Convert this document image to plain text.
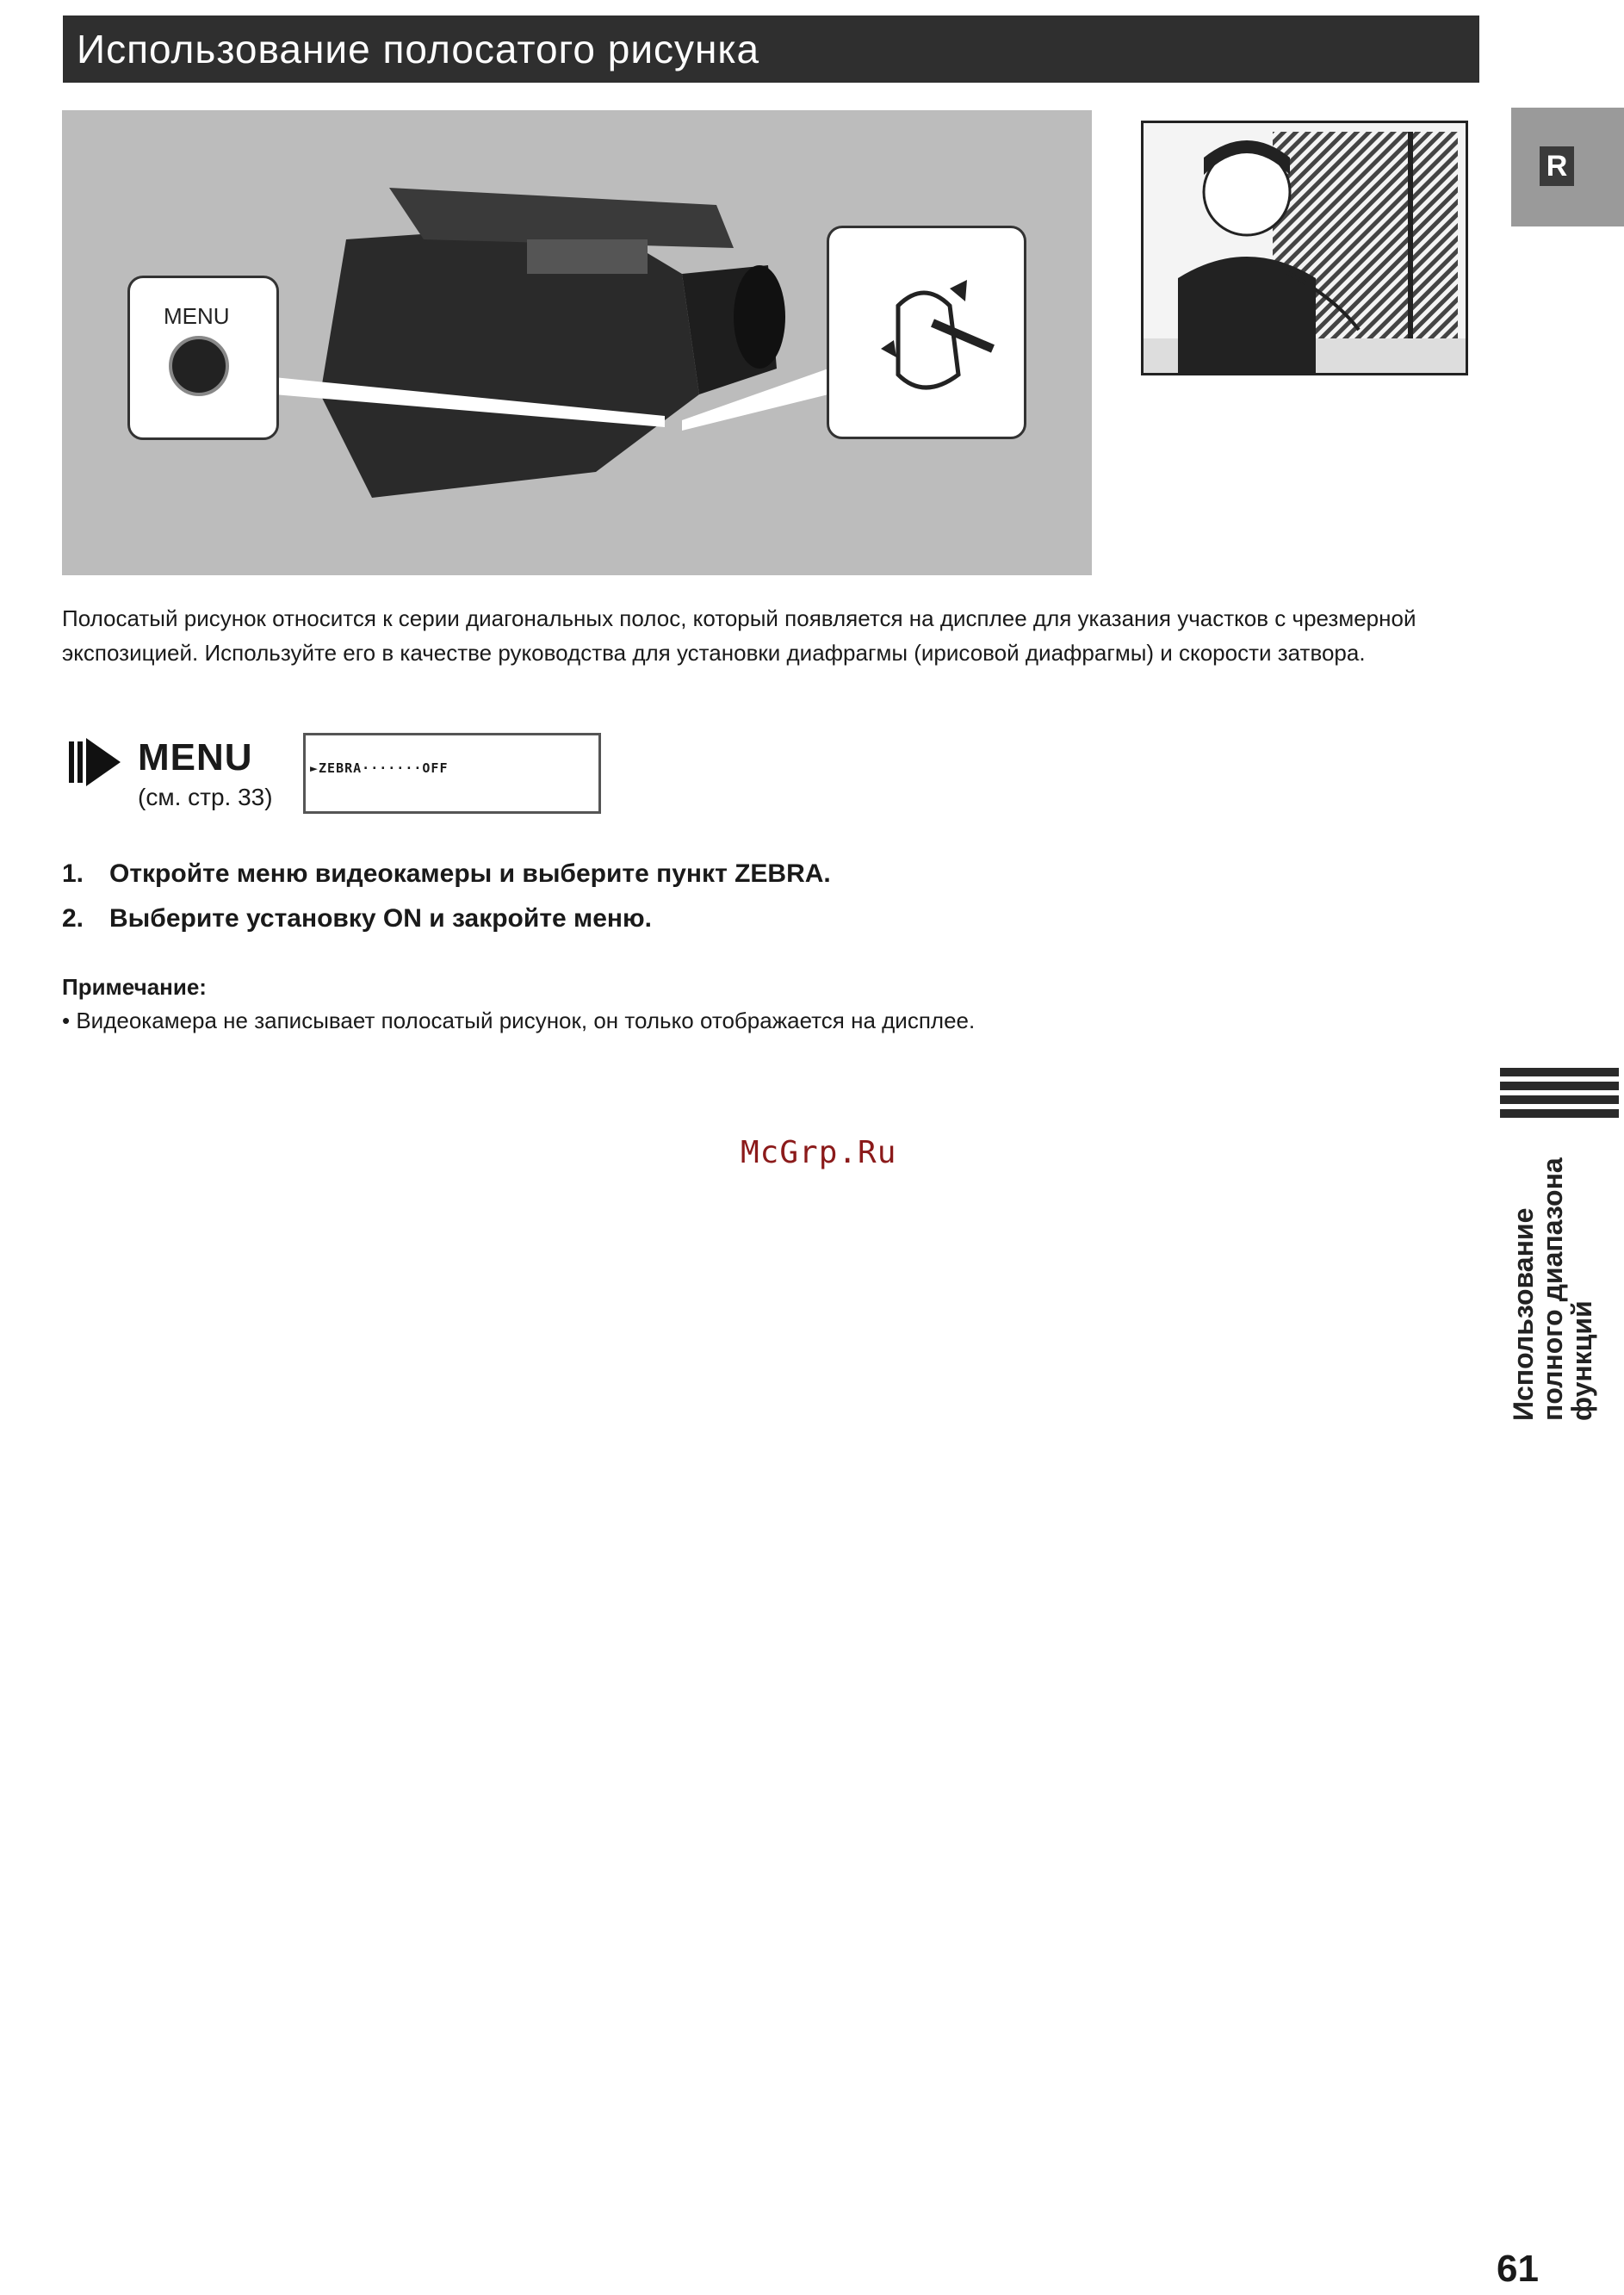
Использование полосатого рисунка
R
MENU
Полосатый рисунок относится к серии диагональных полос, который появляется на дисплее для указания участков с чрезмерной экспозицией. Используйте его в качестве руководства для установки диафрагмы (ирисовой диафрагмы) и скорости затвора.
MENU
(см. стр. 33)
►ZEBRA·······OFF
1. Откройте меню видеокамеры и выберите пункт ZEBRA.
2. Выберите установку ON и закройте меню.
Примечание:
• Видеокамера не записывает полосатый рисунок, он только отображается на дисплее.
McGrp.Ru
Использование полного диапазона функций
61
